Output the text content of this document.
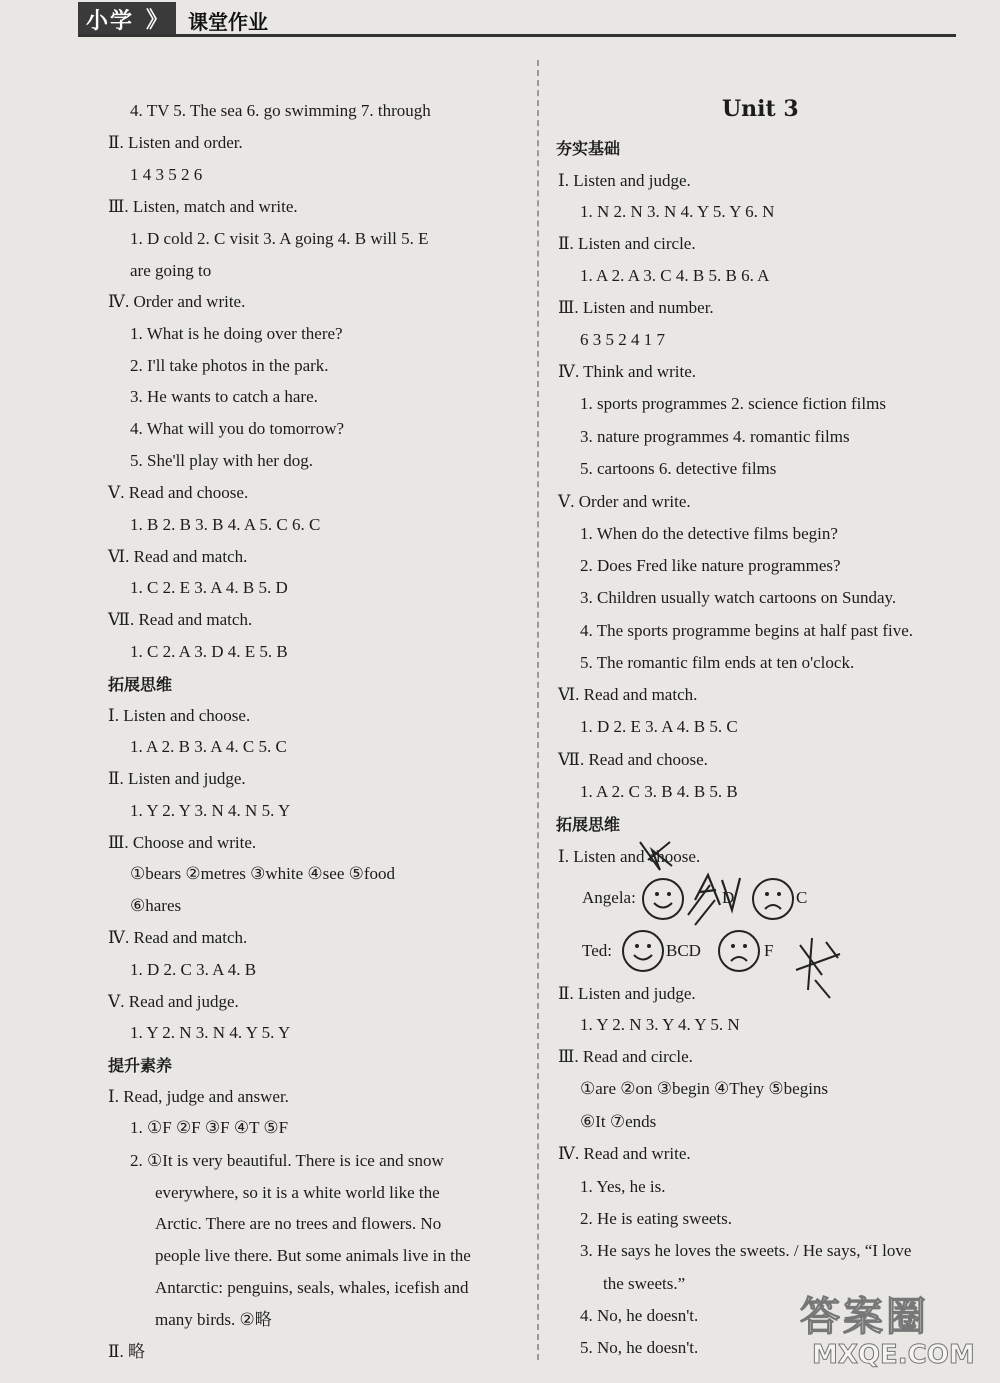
小学 》 课堂作业
4. TV 5. The sea 6. go swimming 7. through
Ⅱ. Listen and order.
1 4 3 5 2 6
Ⅲ. Listen, match and write.
1. D cold 2. C visit 3. A going 4. B will 5. E
are going to
Ⅳ. Order and write.
1. What is he doing over there?
2. I'll take photos in the park.
3. He wants to catch a hare.
4. What will you do tomorrow?
5. She'll play with her dog.
Ⅴ. Read and choose.
1. B 2. B 3. B 4. A 5. C 6. C
Ⅵ. Read and match.
1. C 2. E 3. A 4. B 5. D
Ⅶ. Read and match.
1. C 2. A 3. D 4. E 5. B
拓展思维
Ⅰ. Listen and choose.
1. A 2. B 3. A 4. C 5. C
Ⅱ. Listen and judge.
1. Y 2. Y 3. N 4. N 5. Y
Ⅲ. Choose and write.
①bears ②metres ③white ④see ⑤food
⑥hares
Ⅳ. Read and match.
1. D 2. C 3. A 4. B
Ⅴ. Read and judge.
1. Y 2. N 3. N 4. Y 5. Y
提升素养
Ⅰ. Read, judge and answer.
1. ①F ②F ③F ④T ⑤F
2. ①It is very beautiful. There is ice and snow
everywhere, so it is a white world like the
Arctic. There are no trees and flowers. No
people live there. But some animals live in the
Antarctic: penguins, seals, whales, icefish and
many birds. ②略
Ⅱ. 略
Unit 3
夯实基础
Ⅰ. Listen and judge.
1. N 2. N 3. N 4. Y 5. Y 6. N
Ⅱ. Listen and circle.
1. A 2. A 3. C 4. B 5. B 6. A
Ⅲ. Listen and number.
6 3 5 2 4 1 7
Ⅳ. Think and write.
1. sports programmes 2. science fiction films
3. nature programmes 4. romantic films
5. cartoons 6. detective films
Ⅴ. Order and write.
1. When do the detective films begin?
2. Does Fred like nature programmes?
3. Children usually watch cartoons on Sunday.
4. The sports programme begins at half past five.
5. The romantic film ends at ten o'clock.
Ⅵ. Read and match.
1. D 2. E 3. A 4. B 5. C
Ⅶ. Read and choose.
1. A 2. C 3. B 4. B 5. B
拓展思维
Ⅰ. Listen and choose.
Angela:	D	C
Ted:	BCD	F
Ⅱ. Listen and judge.
1. Y 2. N 3. Y 4. Y 5. N
Ⅲ. Read and circle.
①are ②on ③begin ④They ⑤begins
⑥It ⑦ends
Ⅳ. Read and write.
1. Yes, he is.
2. He is eating sweets.
3. He says he loves the sweets. / He says, “I love
the sweets.”
4. No, he doesn't.
5. No, he doesn't.
答案圈
MXQE.COM
